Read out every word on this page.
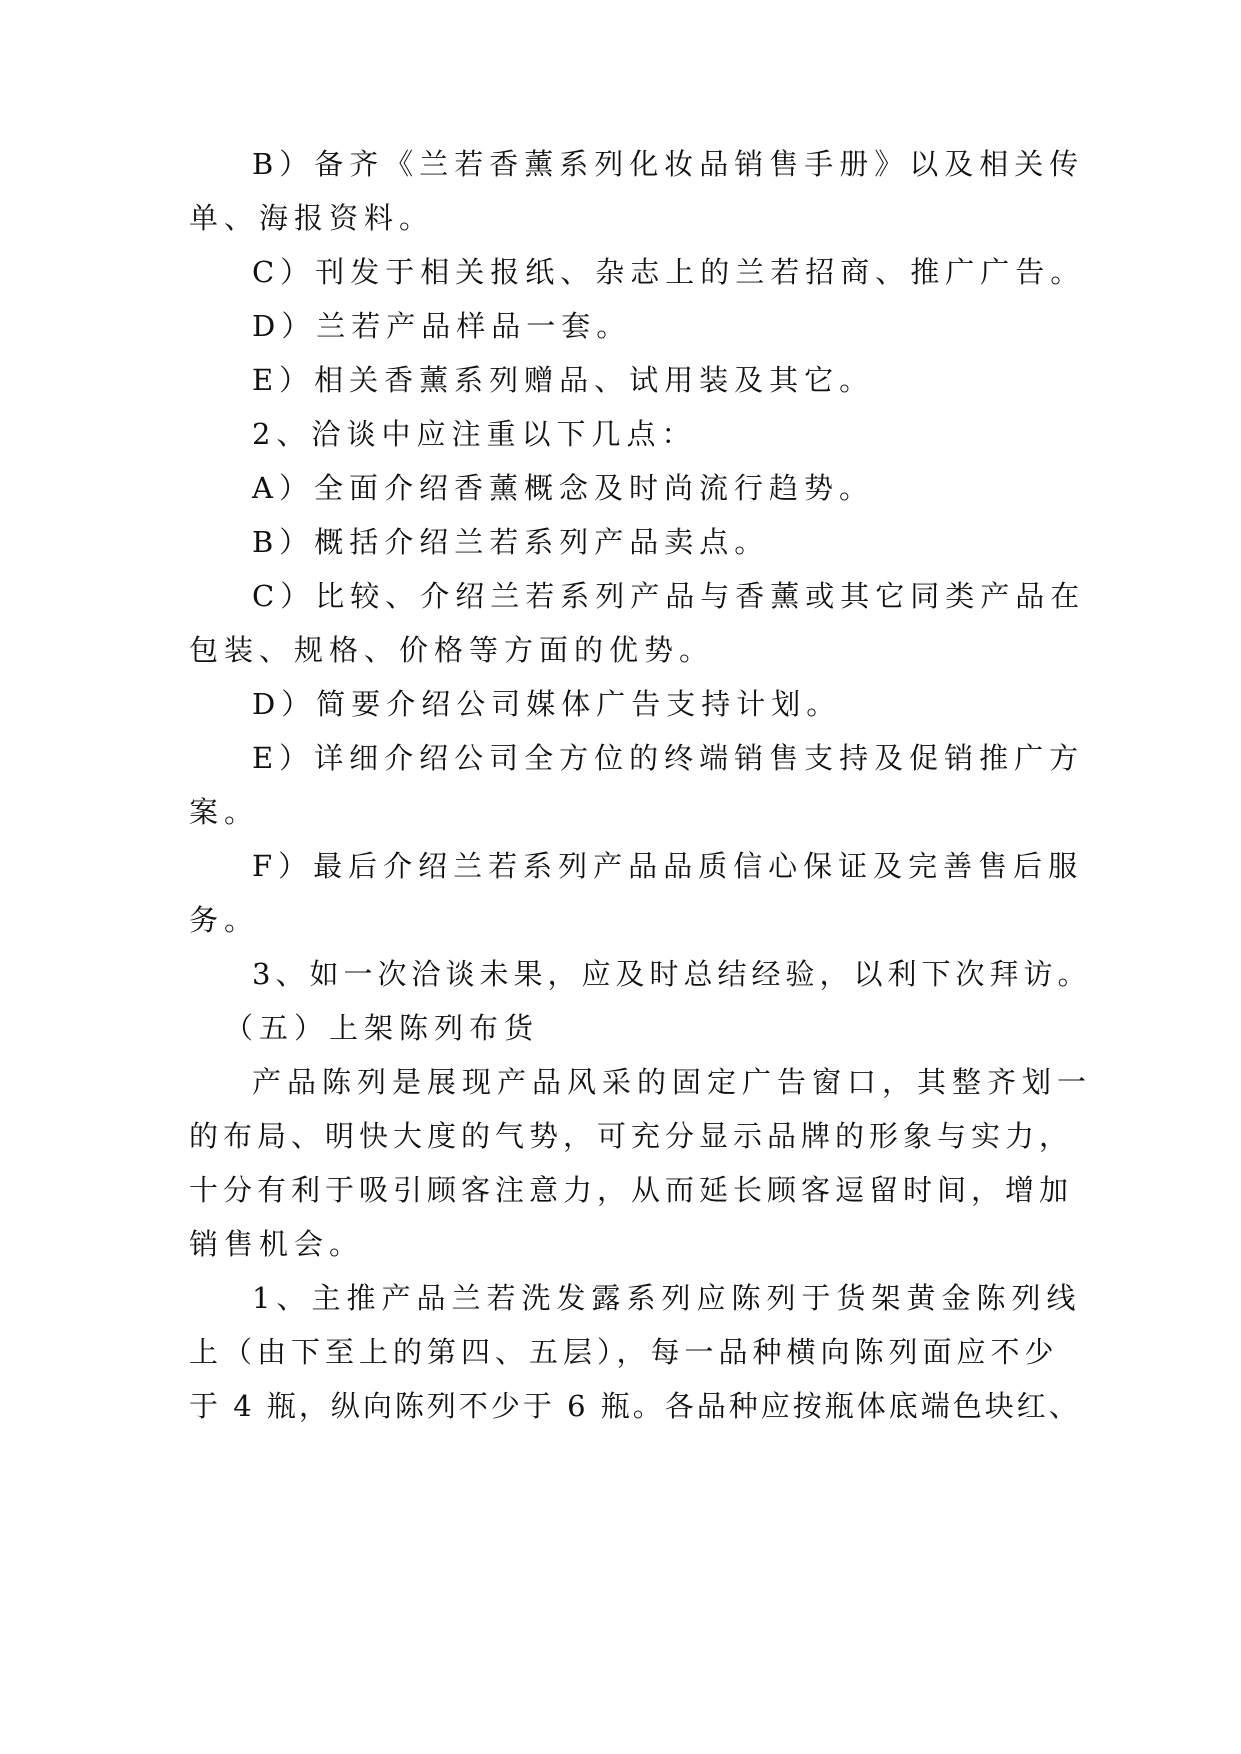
B）备齐《兰若香薰系列化妆品销售手册》以及相关传
单、海报资料。
C）刊发于相关报纸、杂志上的兰若招商、推广广告。
D）兰若产品样品一套。
E）相关香薰系列赠品、试用装及其它。
2、洽谈中应注重以下几点：
A）全面介绍香薰概念及时尚流行趋势。
B）概括介绍兰若系列产品卖点。
C）比较、介绍兰若系列产品与香薰或其它同类产品在
包装、规格、价格等方面的优势。
D）简要介绍公司媒体广告支持计划。
E）详细介绍公司全方位的终端销售支持及促销推广方
案。
F）最后介绍兰若系列产品品质信心保证及完善售后服
务。
3、如一次洽谈未果，应及时总结经验，以利下次拜访。
（五）上架陈列布货
产品陈列是展现产品风采的固定广告窗口，其整齐划一
的布局、明快大度的气势，可充分显示品牌的形象与实力，
十分有利于吸引顾客注意力，从而延长顾客逗留时间，增加
销售机会。
1、主推产品兰若洗发露系列应陈列于货架黄金陈列线
上（由下至上的第四、五层），每一品种横向陈列面应不少
于 4 瓶，纵向陈列不少于 6 瓶。各品种应按瓶体底端色块红、
